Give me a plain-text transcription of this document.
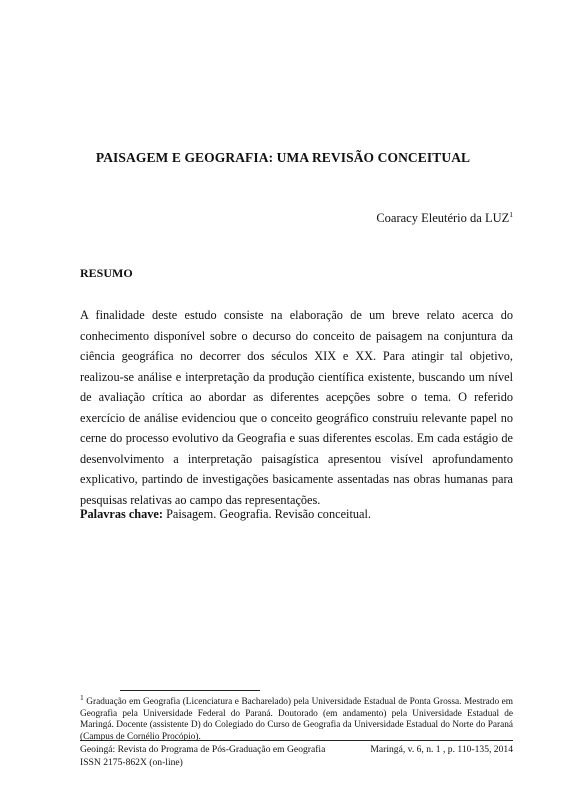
PAISAGEM E GEOGRAFIA: UMA REVISÃO CONCEITUAL
Coaracy Eleutério da LUZ$^1$
RESUMO

A finalidade deste estudo consiste na elaboração de um breve relato acerca do conhecimento disponível sobre o decurso do conceito de paisagem na conjuntura da ciência geográfica no decorrer dos séculos XIX e XX. Para atingir tal objetivo, realizou-se análise e interpretação da produção científica existente, buscando um nível de avaliação crítica ao abordar as diferentes acepções sobre o tema. O referido exercício de análise evidenciou que o conceito geográfico construiu relevante papel no cerne do processo evolutivo da Geografia e suas diferentes escolas. Em cada estágio de desenvolvimento a interpretação paisagística apresentou visível aprofundamento explicativo, partindo de investigações basicamente assentadas nas obras humanas para pesquisas relativas ao campo das representações.

Palavras chave: Paisagem. Geografia. Revisão conceitual.

$^1$ Graduação em Geografia (Licenciatura e Bacharelado) pela Universidade Estadual de Ponta Grossa. Mestrado em Geografia pela Universidade Federal do Paraná. Doutorado (em andamento) pela Universidade Estadual de Maringá. Docente (assistente D) do Colegiado do Curso de Geografia da Universidade Estadual do Norte do Paraná (Campus de Cornélio Procópio).

Geoingá: Revista do Programa de Pós-Graduação em Geografia
ISSN 2175-862X (on-line)
Maringá, v. 6, n. 1 , p. 110-135, 2014
